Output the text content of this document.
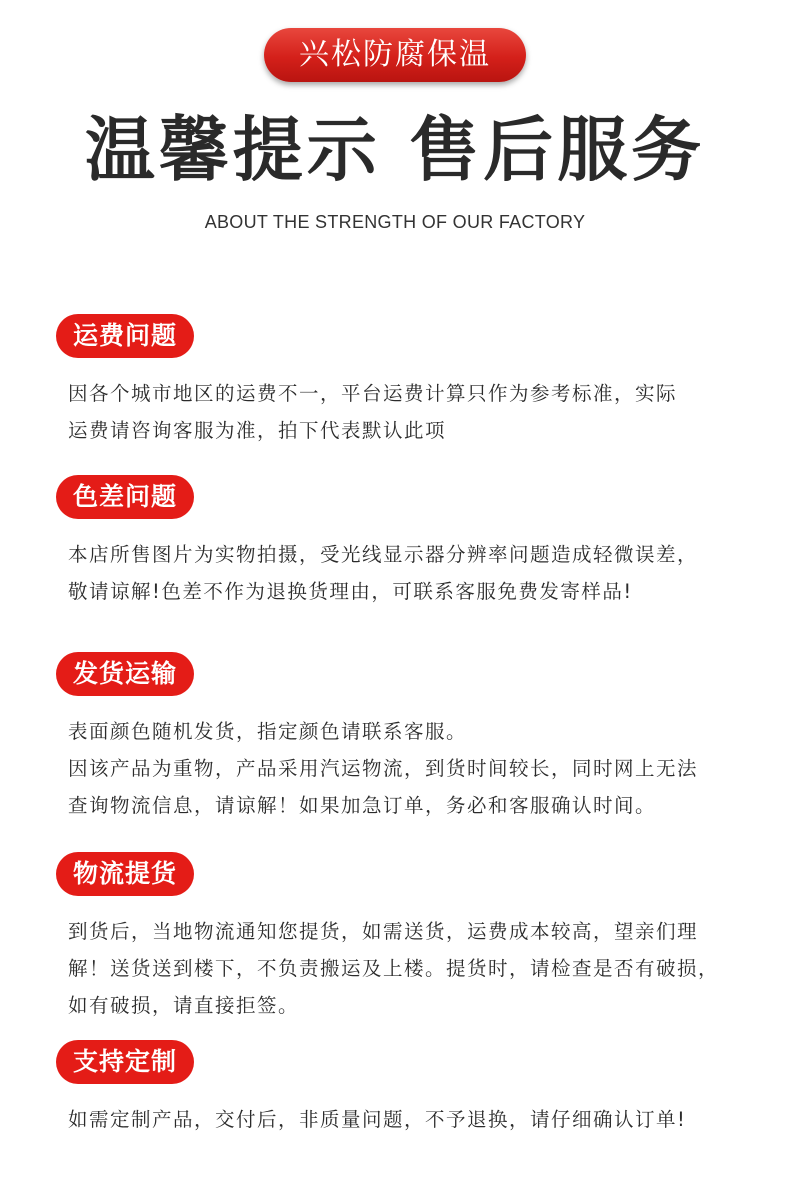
兴松防腐保温
温馨提示 售后服务
ABOUT THE STRENGTH OF OUR FACTORY
运费问题
因各个城市地区的运费不一，平台运费计算只作为参考标准，实际
运费请咨询客服为准，拍下代表默认此项
色差问题
本店所售图片为实物拍摄，受光线显示器分辨率问题造成轻微误差，
敬请谅解!色差不作为退换货理由，可联系客服免费发寄样品!
发货运输
表面颜色随机发货，指定颜色请联系客服。
因该产品为重物，产品采用汽运物流，到货时间较长，同时网上无法
查询物流信息，请谅解！如果加急订单，务必和客服确认时间。
物流提货
到货后，当地物流通知您提货，如需送货，运费成本较高，望亲们理
解！送货送到楼下，不负责搬运及上楼。提货时，请检查是否有破损，
如有破损，请直接拒签。
支持定制
如需定制产品，交付后，非质量问题，不予退换，请仔细确认订单!
